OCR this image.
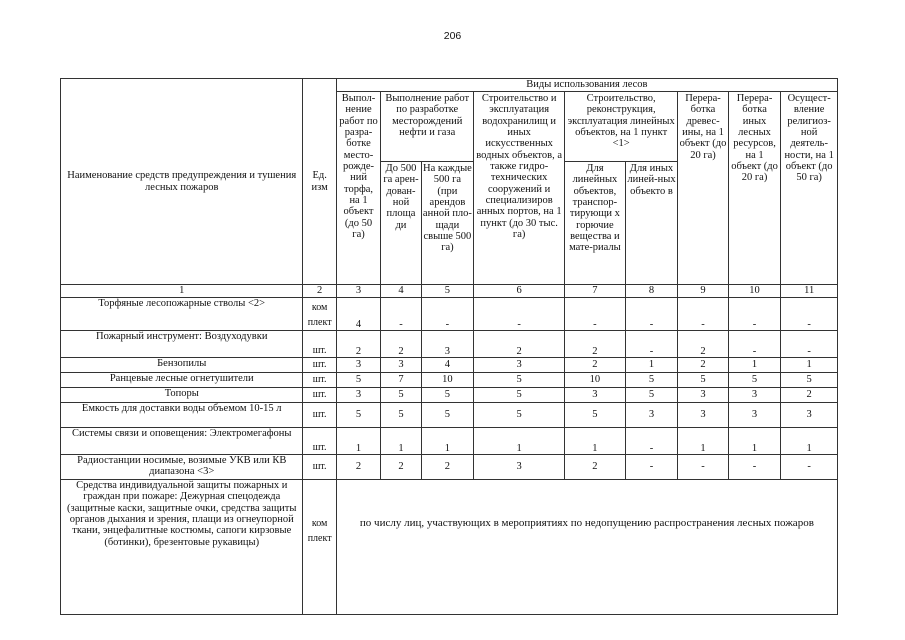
206
Наименование средств предупреждения и тушения лесных пожаров	Ед. изм	Виды использования лесов								
		Выпол-нение работ по разра-ботке место-рожде-ний торфа, на 1 объект (до 50 га)	Выполнение работ по разработке месторождений нефти и газа		Строительство и эксплуатация водохранилищ и иных искусственных водных объектов, а также гидро-технических сооружений и специализиров анных портов, на 1 пункт (до 30 тыс. га)	Строительство, реконструкция, эксплуатация линейных объектов, на 1 пункт <1>		Перера-ботка древес-ины, на 1 объект (до 20 га)	Перера-ботка иных лесных ресурсов, на 1 объект (до 20 га)	Осущест-вление религиоз-ной деятель-ности, на 1 объект (до 50 га)
			До 500 га арен-дован-ной площа ди	На каждые 500 га (при арендов анной пло-щади свыше 500 га)		Для линейных объектов, транспор-тирующи х горючие вещества и мате-риалы	Для иных линей-ных объекто в			
1	2	3	4	5	6	7	8	9	10	11
Торфяные лесопожарные стволы <2>	ком плект	4	-	-	-	-	-	-	-	-
Пожарный инструмент: Воздуходувки	шт.	2	2	3	2	2	-	2	-	-
Бензопилы	шт.	3	3	4	3	2	1	2	1	1
Ранцевые лесные огнетушители	шт.	5	7	10	5	10	5	5	5	5
Топоры	шт.	3	5	5	5	3	5	3	3	2
Емкость для доставки воды объемом 10-15 л	шт.	5	5	5	5	5	3	3	3	3
Системы связи и оповещения: Электромегафоны	шт.	1	1	1	1	1	-	1	1	1
Радиостанции носимые, возимые УКВ или КВ диапазона <3>	шт.	2	2	2	3	2	-	-	-	-
Средства индивидуальной защиты пожарных и граждан при пожаре: Дежурная спецодежда (защитные каски, защитные очки, средства защиты органов дыхания и зрения, плащи из огнеупорной ткани, энцефалитные костюмы, сапоги кирзовые (ботинки), брезентовые рукавицы)	ком плект	по числу лиц, участвующих в мероприятиях по недопущению распространения лесных пожаров								
